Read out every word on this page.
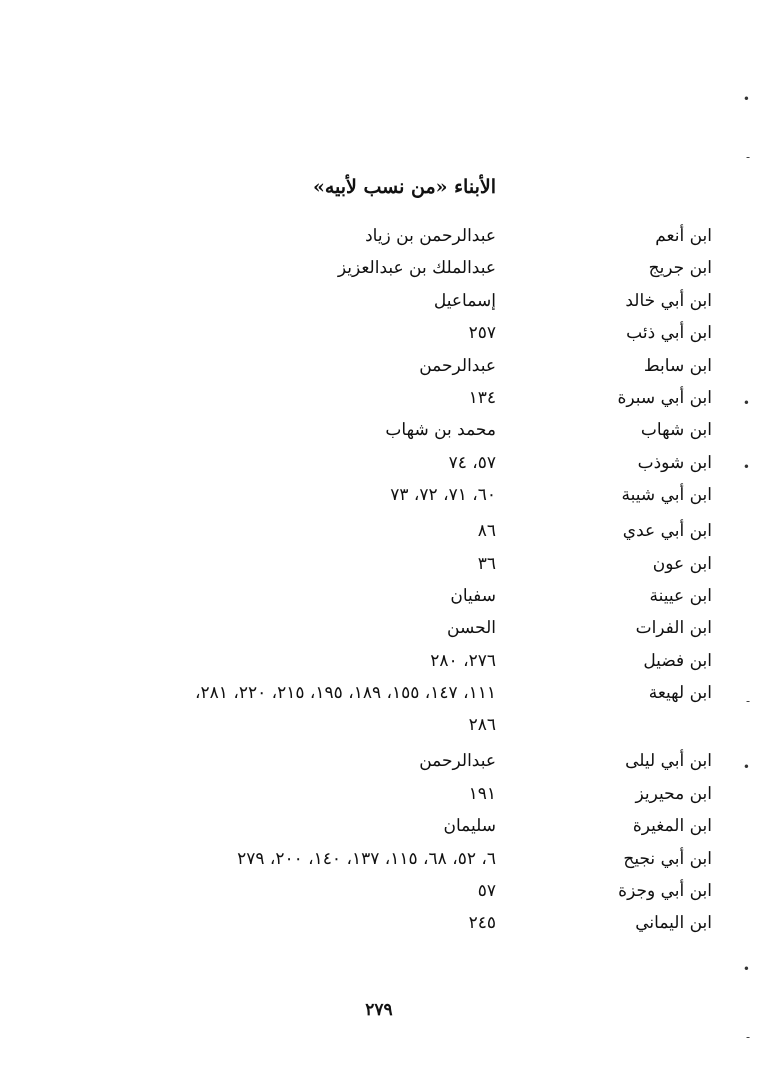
الأبناء «من نسب لأبيه»
ابن أنعم
عبدالرحمن بن زياد
ابن جريج
عبدالملك بن عبدالعزيز
ابن أبي خالد
إسماعيل
ابن أبي ذئب
٢٥٧
ابن سابط
عبدالرحمن
ابن أبي سبرة
١٣٤
ابن شهاب
محمد بن شهاب
ابن شوذب
٥٧، ٧٤
ابن أبي شيبة
٦٠، ٧١، ٧٢، ٧٣
ابن أبي عدي
٨٦
ابن عون
٣٦
ابن عيينة
سفيان
ابن الفرات
الحسن
ابن فضيل
٢٧٦، ٢٨٠
ابن لهيعة
١١١، ١٤٧، ١٥٥، ١٨٩، ١٩٥، ٢١٥، ٢٢٠، ٢٨١،
٢٨٦
ابن أبي ليلى
عبدالرحمن
ابن محيريز
١٩١
ابن المغيرة
سليمان
ابن أبي نجيح
٦، ٥٢، ٦٨، ١١٥، ١٣٧، ١٤٠، ٢٠٠، ٢٧٩
ابن أبي وجزة
٥٧
ابن اليماني
٢٤٥
٢٧٩
•
-
•
•
-
•
•
-
